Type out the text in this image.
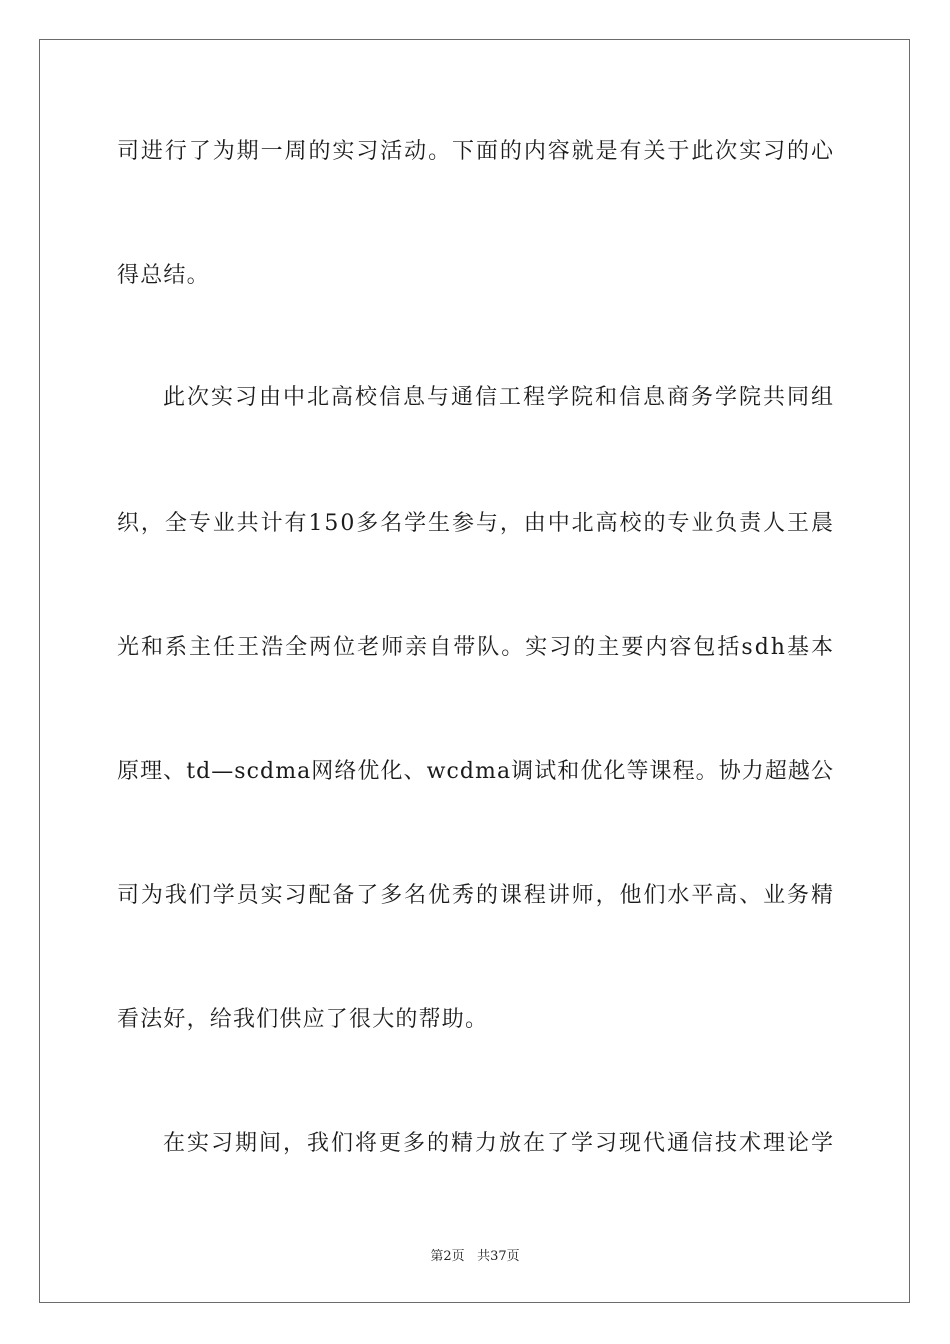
司进行了为期一周的实习活动。下面的内容就是有关于此次实习的心
得总结。
此次实习由中北高校信息与通信工程学院和信息商务学院共同组
织，全专业共计有150多名学生参与，由中北高校的专业负责人王晨
光和系主任王浩全两位老师亲自带队。实习的主要内容包括sdh基本
原理、td—scdma网络优化、wcdma调试和优化等课程。协力超越公
司为我们学员实习配备了多名优秀的课程讲师，他们水平高、业务精
看法好，给我们供应了很大的帮助。
在实习期间，我们将更多的精力放在了学习现代通信技术理论学
第2页 共37页
